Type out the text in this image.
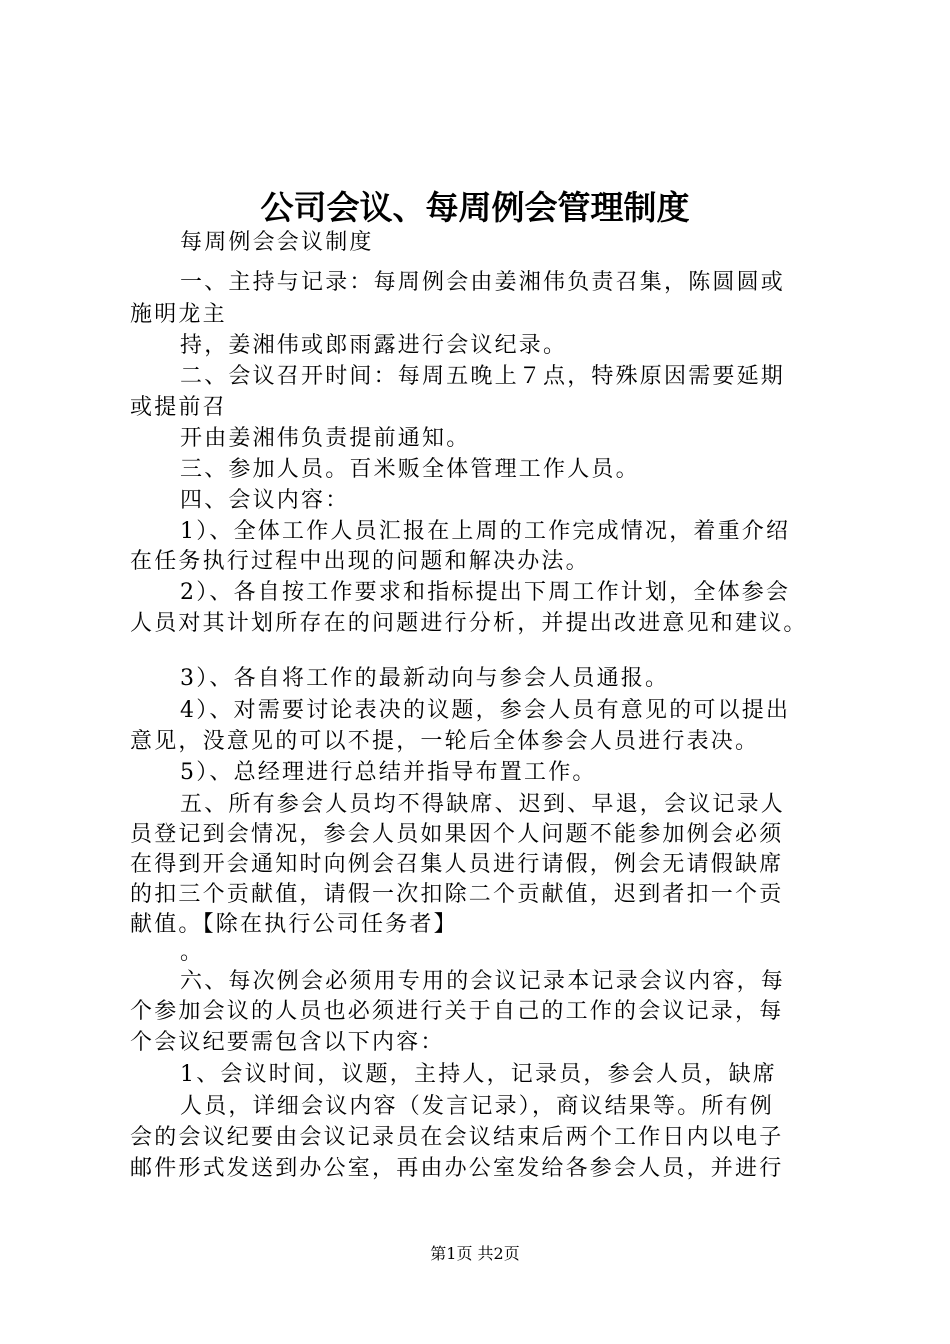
公司会议、每周例会管理制度
每周例会会议制度
一、主持与记录：每周例会由姜湘伟负责召集，陈圆圆或
施明龙主
持，姜湘伟或郎雨露进行会议纪录。
二、会议召开时间：每周五晚上７点，特殊原因需要延期
或提前召
开由姜湘伟负责提前通知。
三、参加人员。百米贩全体管理工作人员。
四、会议内容：
1）、全体工作人员汇报在上周的工作完成情况，着重介绍
在任务执行过程中出现的问题和解决办法。
2）、各自按工作要求和指标提出下周工作计划，全体参会
人员对其计划所存在的问题进行分析，并提出改进意见和建议。
3）、各自将工作的最新动向与参会人员通报。
4）、对需要讨论表决的议题，参会人员有意见的可以提出
意见，没意见的可以不提，一轮后全体参会人员进行表决。
5）、总经理进行总结并指导布置工作。
五、所有参会人员均不得缺席、迟到、早退，会议记录人
员登记到会情况，参会人员如果因个人问题不能参加例会必须
在得到开会通知时向例会召集人员进行请假，例会无请假缺席
的扣三个贡献值，请假一次扣除二个贡献值，迟到者扣一个贡
献值。【除在执行公司任务者】
。
六、每次例会必须用专用的会议记录本记录会议内容，每
个参加会议的人员也必须进行关于自己的工作的会议记录，每
个会议纪要需包含以下内容：
1、会议时间，议题，主持人，记录员，参会人员，缺席
人员，详细会议内容（发言记录），商议结果等。所有例
会的会议纪要由会议记录员在会议结束后两个工作日内以电子
邮件形式发送到办公室，再由办公室发给各参会人员，并进行
第1页 共2页
